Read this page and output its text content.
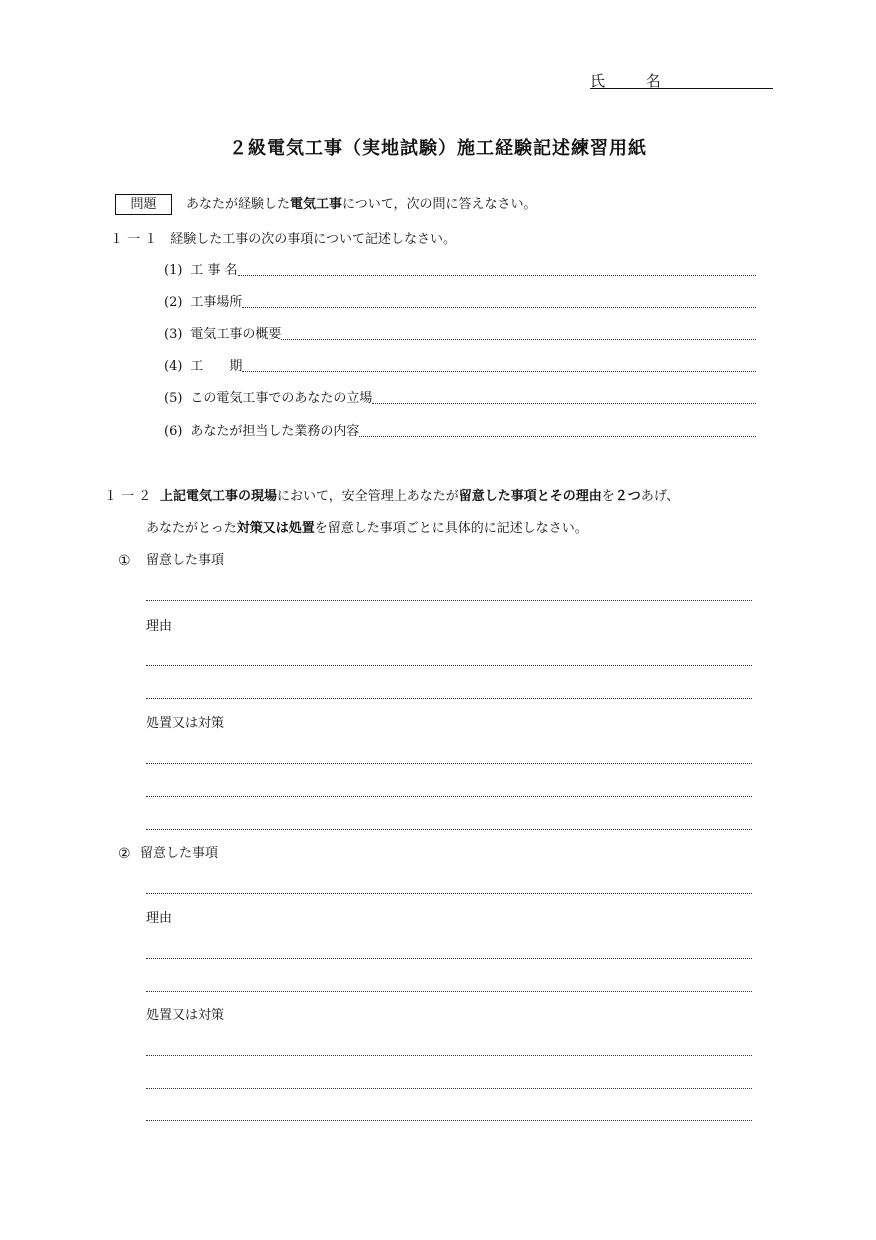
氏 名
２級電気工事（実地試験）施工経験記述練習用紙
問題	あなたが経験した電気工事について，次の問に答えなさい。
１ 一 １　経験した工事の次の事項について記述しなさい。
(1) 工 事 名
(2) 工事場所
(3) 電気工事の概要
(4) 工　　期
(5) この電気工事でのあなたの立場
(6) あなたが担当した業務の内容
１ 一 ２ 上記電気工事の現場において，安全管理上あなたが留意した事項とその理由を２つあげ、
あなたがとった対策又は処置を留意した事項ごとに具体的に記述しなさい。
① 留意した事項
理由
処置又は対策
② 留意した事項
理由
処置又は対策
